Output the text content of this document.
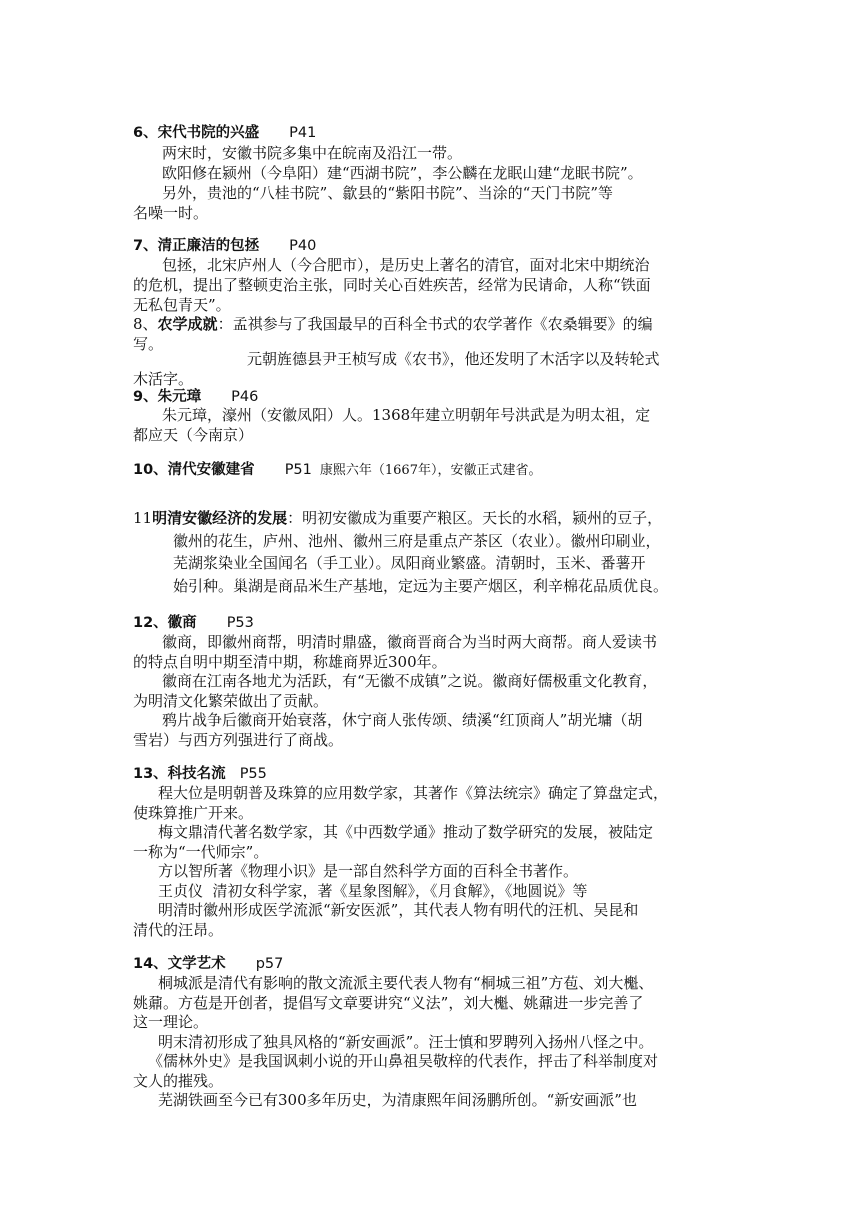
6、宋代书院的兴盛 P41
两宋时，安徽书院多集中在皖南及沿江一带。
欧阳修在颍州（今阜阳）建“西湖书院”，李公麟在龙眠山建“龙眠书院”。
另外，贵池的“八桂书院”、歙县的“紫阳书院”、当涂的“天门书院”等
名噪一时。
7、清正廉洁的包拯 P40
包拯，北宋庐州人（今合肥市），是历史上著名的清官，面对北宋中期统治
的危机，提出了整顿吏治主张，同时关心百姓疾苦，经常为民请命，人称“铁面
无私包青天”。
8、农学成就：孟祺参与了我国最早的百科全书式的农学著作《农桑辑要》的编
写。
元朝旌德县尹王桢写成《农书》，他还发明了木活字以及转轮式
木活字。
9、朱元璋 P46
朱元璋，濠州（安徽凤阳）人。1368年建立明朝年号洪武是为明太祖，定
都应天（今南京）
10、清代安徽建省 P51 康熙六年（1667年），安徽正式建省。
11明清安徽经济的发展：明初安徽成为重要产粮区。天长的水稻，颍州的豆子，
徽州的花生，庐州、池州、徽州三府是重点产茶区（农业）。徽州印刷业，
芜湖浆染业全国闻名（手工业）。凤阳商业繁盛。清朝时，玉米、番薯开
始引种。巢湖是商品米生产基地，定远为主要产烟区，利辛棉花品质优良。
12、徽商 P53
徽商，即徽州商帮，明清时鼎盛，徽商晋商合为当时两大商帮。商人爱读书
的特点自明中期至清中期，称雄商界近300年。
徽商在江南各地尤为活跃，有“无徽不成镇”之说。徽商好儒极重文化教育，
为明清文化繁荣做出了贡献。
鸦片战争后徽商开始衰落，休宁商人张传颂、绩溪“红顶商人”胡光墉（胡
雪岩）与西方列强进行了商战。
13、科技名流 P55
程大位是明朝普及珠算的应用数学家，其著作《算法统宗》确定了算盘定式，
使珠算推广开来。
梅文鼎清代著名数学家，其《中西数学通》推动了数学研究的发展，被陆定
一称为“一代师宗”。
方以智所著《物理小识》是一部自然科学方面的百科全书著作。
王贞仪  清初女科学家，著《星象图解》，《月食解》，《地圆说》等
明清时徽州形成医学流派“新安医派”，其代表人物有明代的汪机、吴昆和
清代的汪昂。
14、文学艺术 p57
桐城派是清代有影响的散文流派主要代表人物有“桐城三祖”方苞、刘大櫆、
姚鼐。方苞是开创者，提倡写文章要讲究“义法”，刘大櫆、姚鼐进一步完善了
这一理论。
明末清初形成了独具风格的“新安画派”。汪士慎和罗聘列入扬州八怪之中。
《儒林外史》是我国讽刺小说的开山鼻祖吴敬梓的代表作，抨击了科举制度对
文人的摧残。
芜湖铁画至今已有300多年历史，为清康熙年间汤鹏所创。“新安画派”也
